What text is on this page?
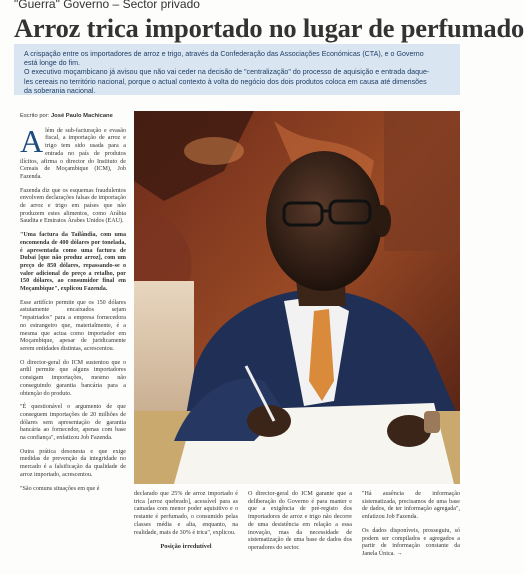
"Guerra" Governo – Sector privado
Arroz trica importado no lugar de perfumado

A crispação entre os importadores de arroz e trigo, através da Confederação das Associações Económicas (CTA), e o Governo

está longe do fim.

O executivo moçambicano já avisou que não vai ceder na decisão de "centralização" do processo de aquisição e entrada daque-

les cereais no território nacional, porque o actual contexto à volta do negócio dos dois produtos coloca em causa até dimensões

da soberania nacional.

Escrito por: José Paulo Machicane

Além de sub-facturação e evasão fiscal, a importação de arroz e trigo tem sido usada para a entrada no país de produtos ilícitos, afirma o director do Instituto de Cereais de Moçambique (ICM), Job Fazenda.

Fazenda diz que os esquemas fraudulentos envolvem declarações falsas de importação de arroz e trigo em países que não produzem estes alimentos, como Arábia Saudita e Emiratos Árabes Unidos (EAU).

"Uma factura da Tailândia, com uma encomenda de 400 dólares por tonelada, é apresentada como uma factura de Dubai [que não produz arroz], com um preço de 850 dólares, repassando-se o valor adicional do preço a retalho, por 150 dólares, ao consumidor final em Moçambique", explicou Fazenda.

Esse artifício permite que os 150 dólares astutamente encaixados sejam "repatriados" para a empresa fornecedora no estrangeiro que, materialmente, é a mesma que actua como importador em Moçambique, apesar de juridicamente serem entidades distintas, acrescentou.

O director-geral do ICM sustentou que o ardil permite que alguns importadores consigam importações, mesmo não conseguindo garantia bancária para a obtenção do produto.

"É questionável o argumento de que conseguem importações de 20 milhões de dólares sem apresentação de garantia bancária ao fornecedor, apenas com base na confiança", enfatizou Job Fazenda.

Outra prática desonesta e que exige medidas de prevenção da integridade no mercado é a falsificação da qualidade de arroz importado, acrescentou.

"São comuns situações em que é

declarado que 25% de arroz importado é trica [arroz quebrado], acessível para as camadas com menor poder aquisitivo e o restante é perfumado, o consumido pelas classes média e alta, enquanto, na realidade, mais de 30% é trica", explicou.

Posição irredutível

O director-geral do ICM garante que a deliberação do Governo é para manter e que a exigência de pré-registo dos importadores de arroz e trigo não decorre de uma desistência em relação a essa inovação, mas da necessidade de sistematização de uma base de dados dos operadores do sector.

"Há ausência de informação sistematizada, precisamos de uma base de dados, de ter informação agregada", enfatizou Job Fazenda.

Os dados disponíveis, prosseguiu, só podem ser compilados e agregados a partir de informação constante da Janela Única. →
